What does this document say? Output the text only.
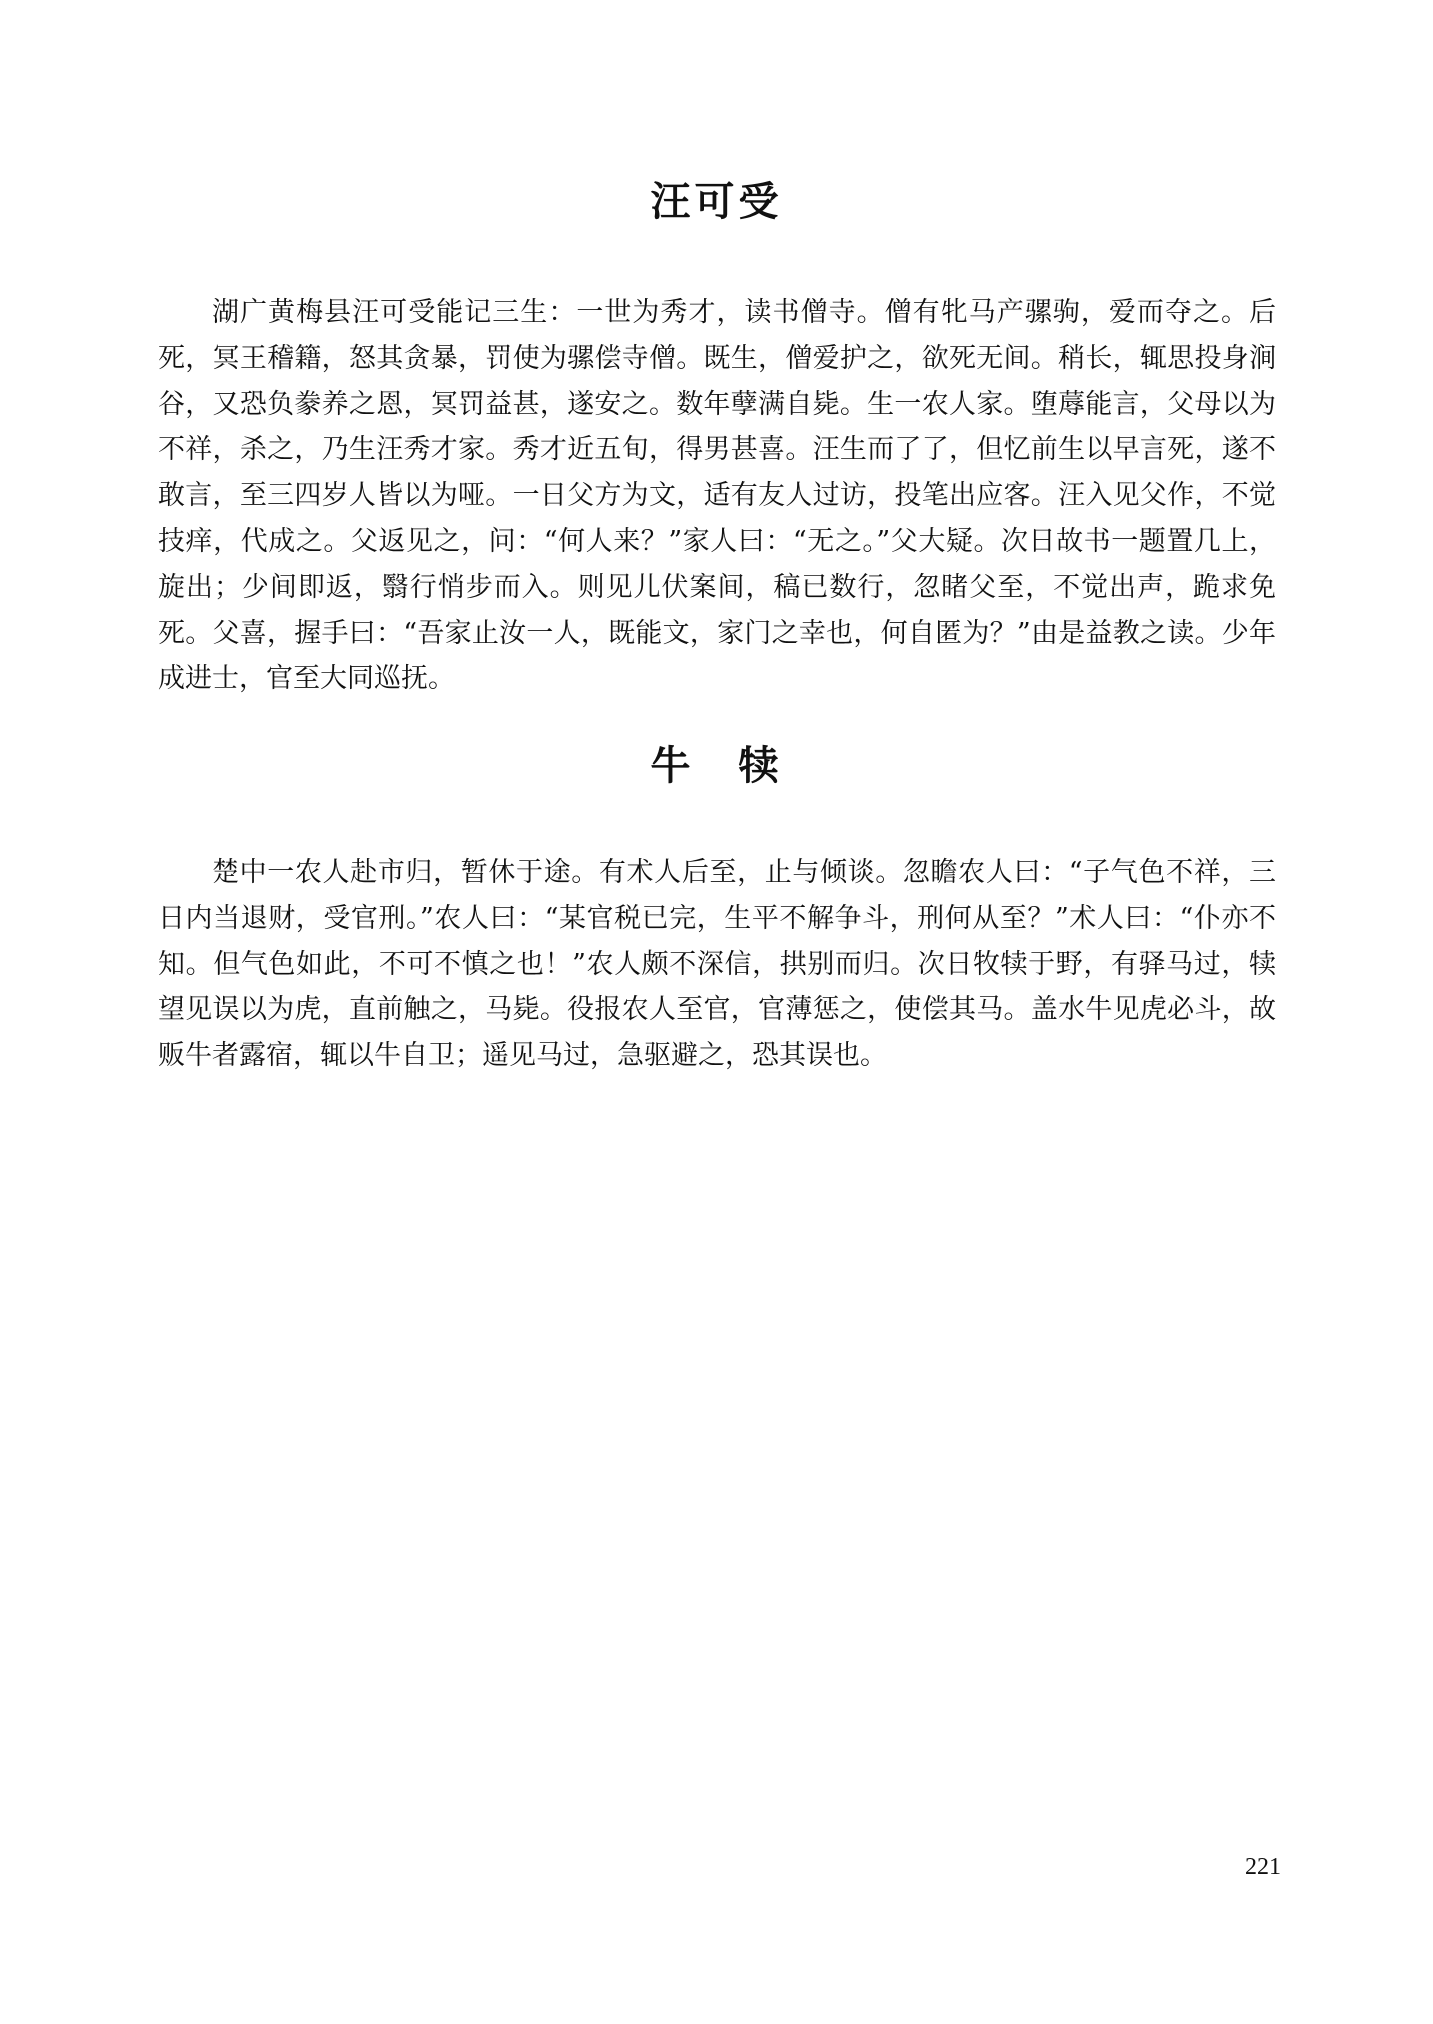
汪可受

湖广黄梅县汪可受能记三生：一世为秀才，读书僧寺。僧有牝马产骡驹，爱而夺之。后死，冥王稽籍，怒其贪暴，罚使为骡偿寺僧。既生，僧爱护之，欲死无间。稍长，辄思投身涧谷，又恐负豢养之恩，冥罚益甚，遂安之。数年孽满自毙。生一农人家。堕蓐能言，父母以为不祥，杀之，乃生汪秀才家。秀才近五旬，得男甚喜。汪生而了了，但忆前生以早言死，遂不敢言，至三四岁人皆以为哑。一日父方为文，适有友人过访，投笔出应客。汪入见父作，不觉技痒，代成之。父返见之，问：“何人来？”家人曰：“无之。”父大疑。次日故书一题置几上，旋出；少间即返，翳行悄步而入。则见儿伏案间，稿已数行，忽睹父至，不觉出声，跪求免死。父喜，握手曰：“吾家止汝一人，既能文，家门之幸也，何自匿为？”由是益教之读。少年成进士，官至大同巡抚。

牛　犊

楚中一农人赴市归，暂休于途。有术人后至，止与倾谈。忽瞻农人曰：“子气色不祥，三日内当退财，受官刑。”农人曰：“某官税已完，生平不解争斗，刑何从至？”术人曰：“仆亦不知。但气色如此，不可不慎之也！”农人颇不深信，拱别而归。次日牧犊于野，有驿马过，犊望见误以为虎，直前触之，马毙。役报农人至官，官薄惩之，使偿其马。盖水牛见虎必斗，故贩牛者露宿，辄以牛自卫；遥见马过，急驱避之，恐其误也。

221
